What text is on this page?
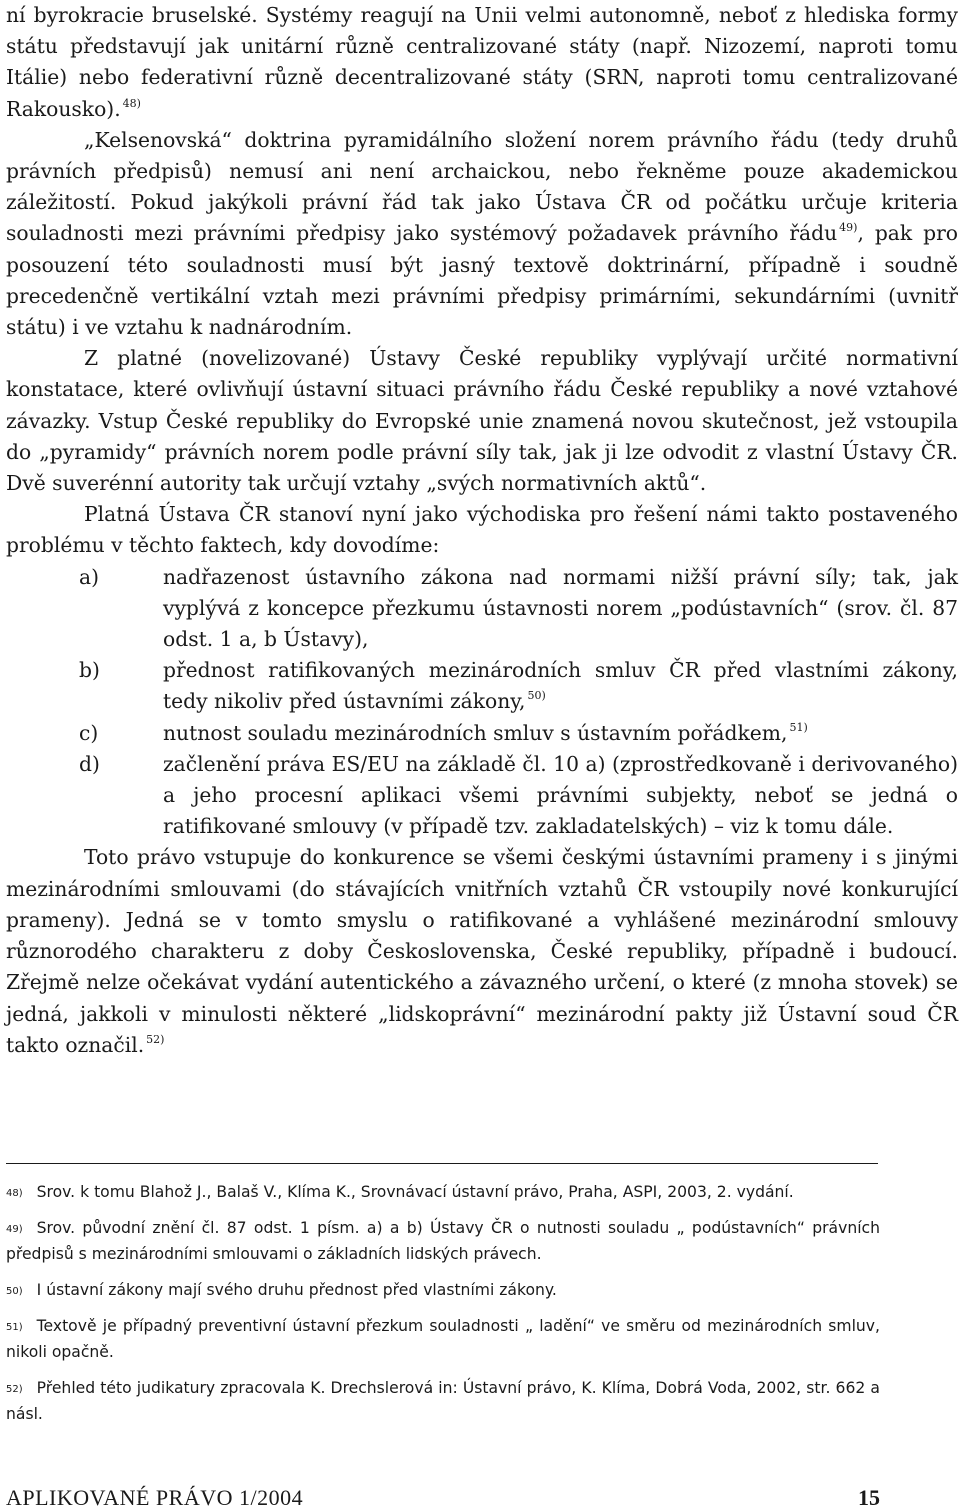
ní byrokracie bruselské. Systémy reagují na Unii velmi autonomně, neboť z hlediska formy státu představují jak unitární různě centralizované státy (např. Nizozemí, naproti tomu Itálie) nebo federativní různě decentralizované státy (SRN, naproti tomu centralizované Rakousko). $^{48)}$

„Kelsenovská“ doktrina pyramidálního složení norem právního řádu (tedy druhů právních předpisů) nemusí ani není archaickou, nebo řekněme pouze akademickou záležitostí. Pokud jakýkoli právní řád tak jako Ústava ČR od počátku určuje kriteria souladnosti mezi právními předpisy jako systémový požadavek právního řádu $^{49)}$, pak pro posouzení této souladnosti musí být jasný textově doktrinární, případně i soudně precedenčně vertikální vztah mezi právními předpisy primárními, sekundárními (uvnitř státu) i ve vztahu k nadnárodním.

Z platné (novelizované) Ústavy České republiky vyplývají určité normativní konstatace, které ovlivňují ústavní situaci právního řádu České republiky a nové vztahové závazky. Vstup České republiky do Evropské unie znamená novou skutečnost, jež vstoupila do „pyramidy“ právních norem podle právní síly tak, jak ji lze odvodit z vlastní Ústavy ČR. Dvě suverénní autority tak určují vztahy „svých normativních aktů“.

Platná Ústava ČR stanoví nyní jako východiska pro řešení námi takto postaveného problému v těchto faktech, kdy dovodíme:

a)	nadřazenost ústavního zákona nad normami nižší právní síly; tak, jak vyplývá z koncepce přezkumu ústavnosti norem „podústavních“ (srov. čl. 87 odst. 1 a, b Ústavy),
b)	přednost ratifikovaných mezinárodních smluv ČR před vlastními zákony, tedy nikoliv před ústavními zákony, $^{50)}$
c)	nutnost souladu mezinárodních smluv s ústavním pořádkem, $^{51)}$
d)	začlenění práva ES/EU na základě čl. 10 a) (zprostředkovaně i derivovaného) a jeho procesní aplikaci všemi právními subjekty, neboť se jedná o ratifikované smlouvy (v případě tzv. zakladatelských) – viz k tomu dále.

Toto právo vstupuje do konkurence se všemi českými ústavními prameny i s jinými mezinárodními smlouvami (do stávajících vnitřních vztahů ČR vstoupily nové konkurující prameny). Jedná se v tomto smyslu o ratifikované a vyhlášené mezinárodní smlouvy různorodého charakteru z doby Československa, České republiky, případně i budoucí. Zřejmě nelze očekávat vydání autentického a závazného určení, o které (z mnoha stovek) se jedná, jakkoli v minulosti některé „lidskoprávní“ mezinárodní pakty již Ústavní soud ČR takto označil. $^{52)}$

$^{48)}$ Srov. k tomu Blahož J., Balaš V., Klíma K., Srovnávací ústavní právo, Praha, ASPI, 2003, 2. vydání.

$^{49)}$ Srov. původní znění čl. 87 odst. 1 písm. a) a b) Ústavy ČR o nutnosti souladu „ podústavních“ právních předpisů s mezinárodními smlouvami o základních lidských právech.

$^{50)}$ I ústavní zákony mají svého druhu přednost před vlastními zákony.

$^{51)}$ Textově je případný preventivní ústavní přezkum souladnosti „ ladění“ ve směru od mezinárodních smluv, nikoli opačně.

$^{52)}$ Přehled této judikatury zpracovala K. Drechslerová in: Ústavní právo, K. Klíma, Dobrá Voda, 2002, str. 662 a násl.

APLIKOVANÉ PRÁVO 1/2004	15
